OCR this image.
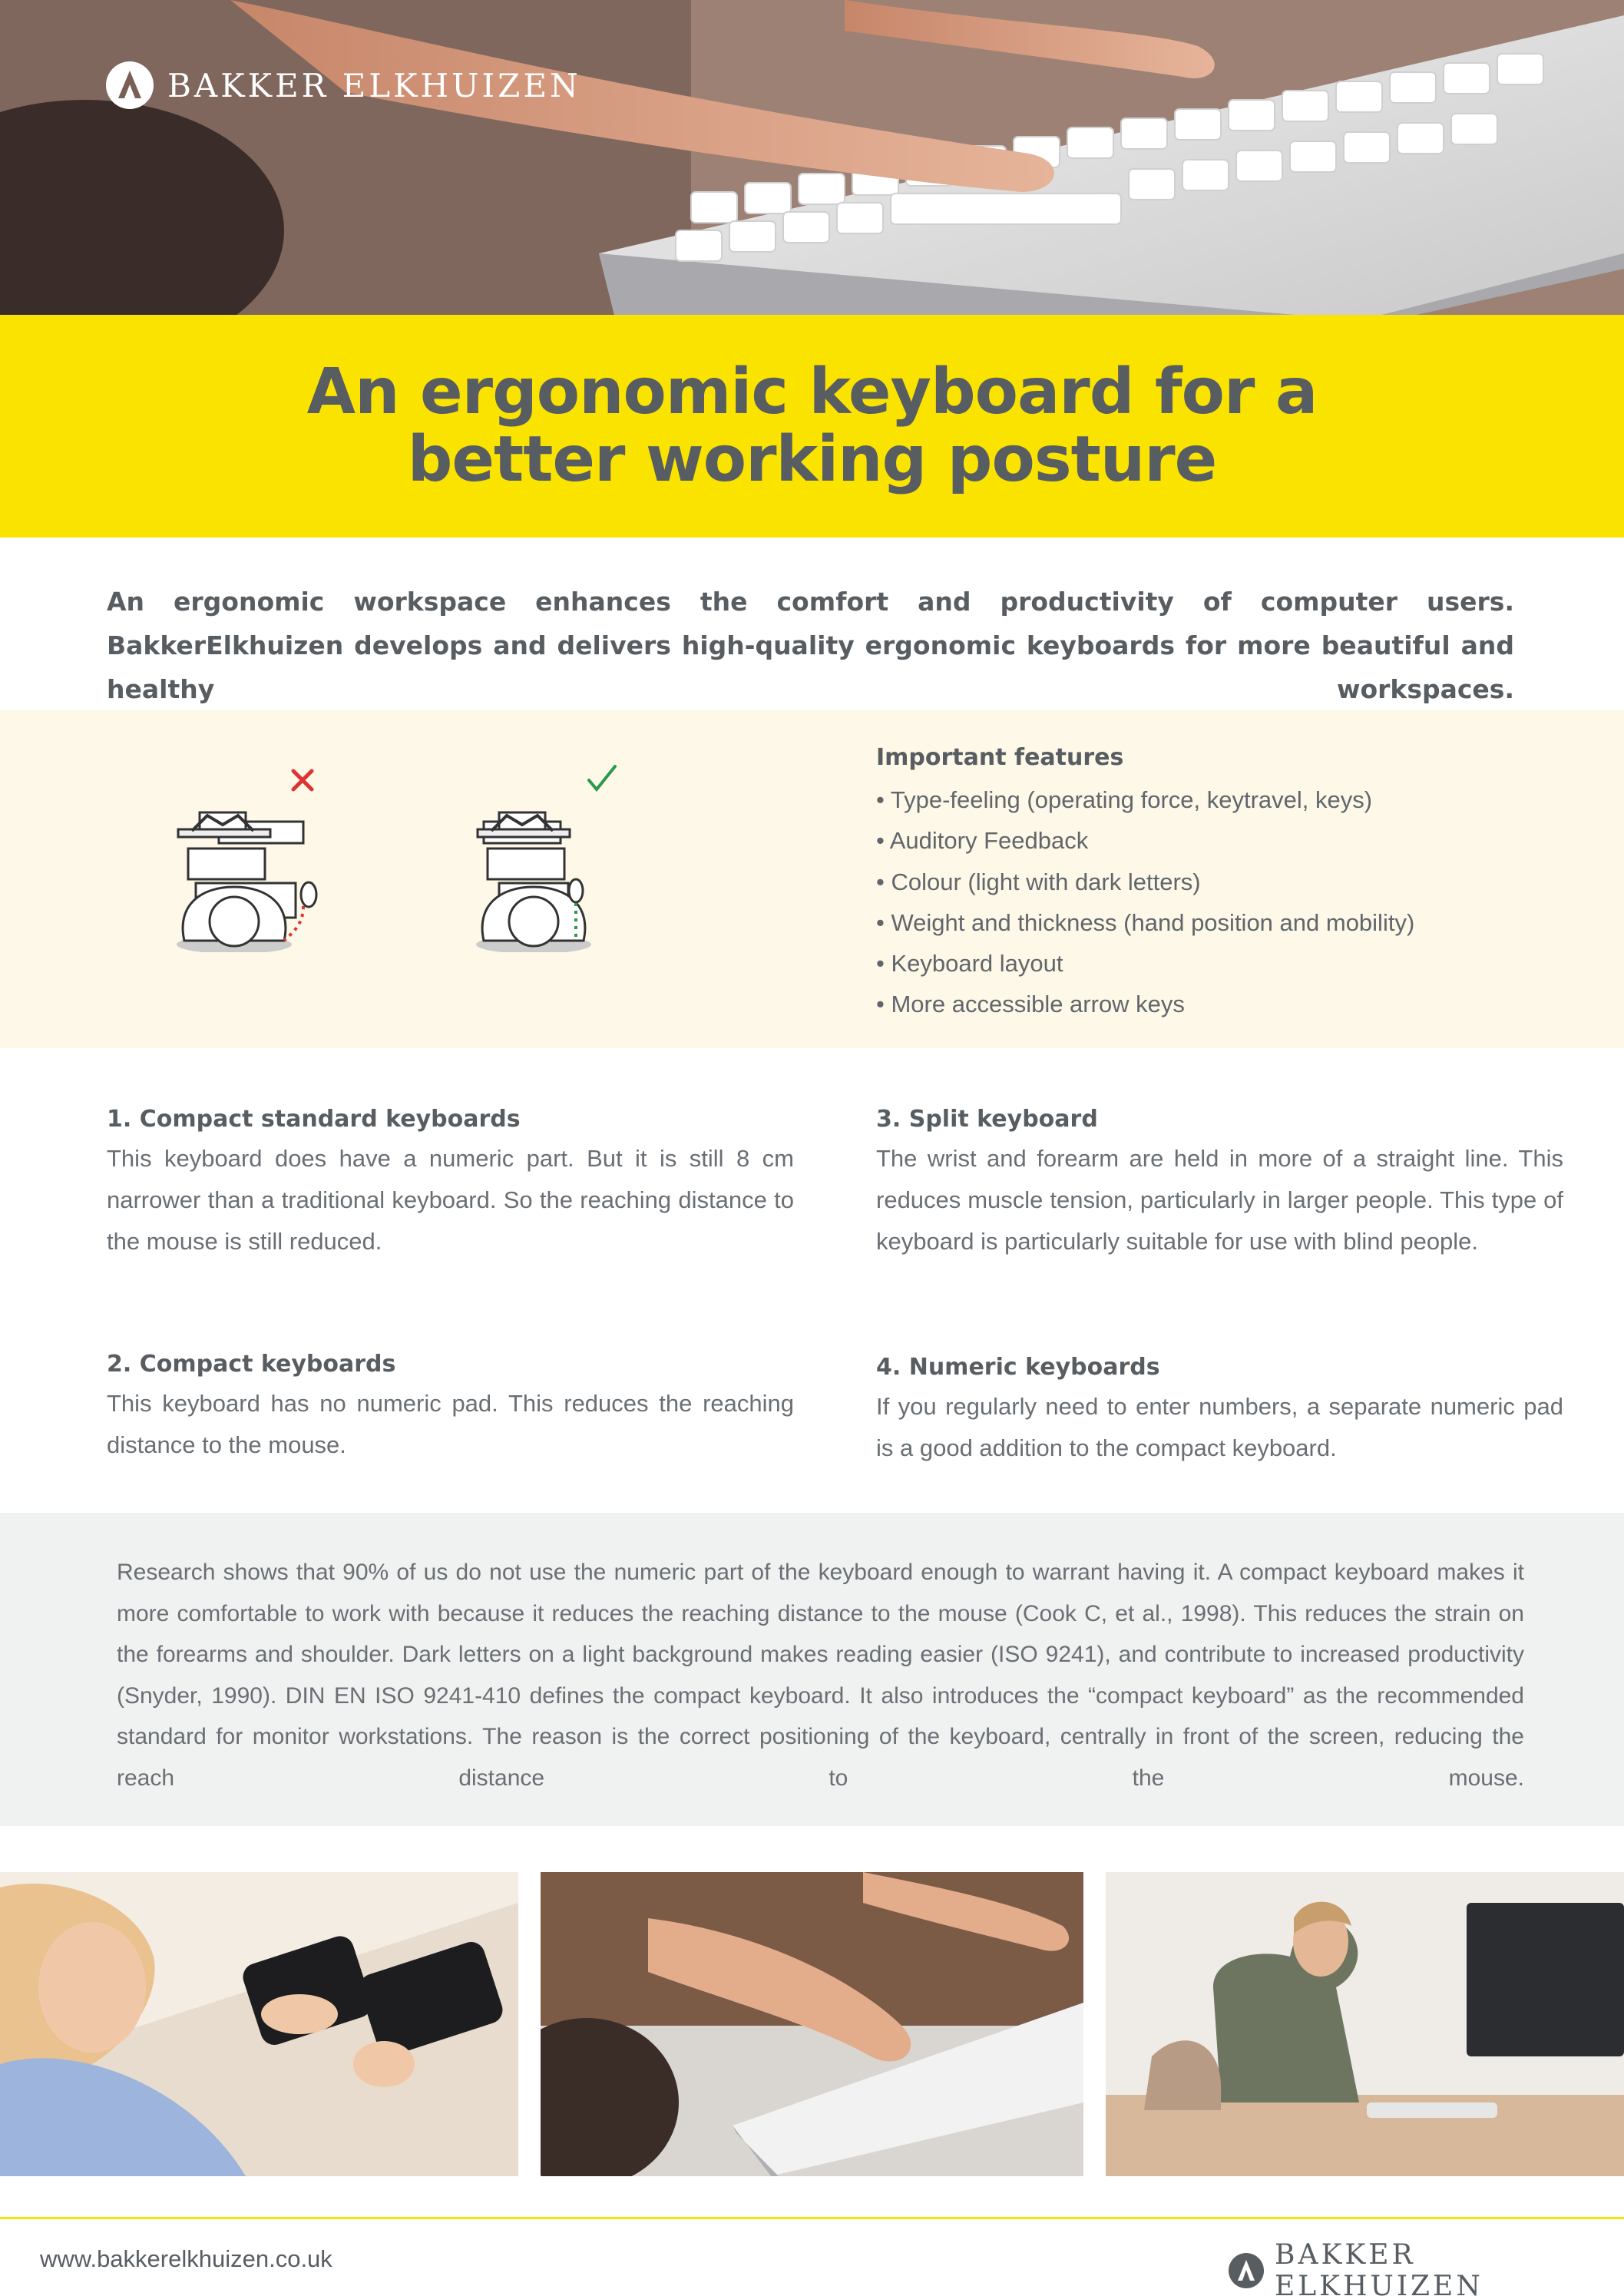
BAKKER ELKHUIZEN
An ergonomic keyboard for a
better working posture

An ergonomic workspace enhances the comfort and productivity of computer users. BakkerElkhuizen develops and delivers high-quality ergonomic keyboards for more beautiful and healthy workspaces.

Important features
• Type-feeling (operating force, keytravel, keys)
• Auditory Feedback
• Colour (light with dark letters)
• Weight and thickness (hand position and mobility)
• Keyboard layout
• More accessible arrow keys
1. Compact standard keyboards

This keyboard does have a numeric part. But it is still 8 cm narrower than a traditional keyboard. So the reaching distance to the mouse is still reduced.

2. Compact keyboards

This keyboard has no numeric pad. This reduces the reaching distance to the mouse.

3. Split keyboard

The wrist and forearm are held in more of a straight line. This reduces muscle tension, particularly in larger people. This type of keyboard is particularly suitable for use with blind people.

4. Numeric keyboards

If you regularly need to enter numbers, a separate numeric pad is a good addition to the compact keyboard.

Research shows that 90% of us do not use the numeric part of the keyboard enough to warrant having it. A compact keyboard makes it more comfortable to work with because it reduces the reaching distance to the mouse (Cook C, et al., 1998). This reduces the strain on the forearms and shoulder. Dark letters on a light background makes reading easier (ISO 9241), and contribute to increased productivity (Snyder, 1990). DIN EN ISO 9241-410 defines the compact keyboard. It also introduces the “compact keyboard” as the recommended standard for monitor workstations. The reason is the correct positioning of the keyboard, centrally in front of the screen, reducing the reach distance to the mouse.

www.bakkerelkhuizen.co.uk	BAKKER ELKHUIZEN
